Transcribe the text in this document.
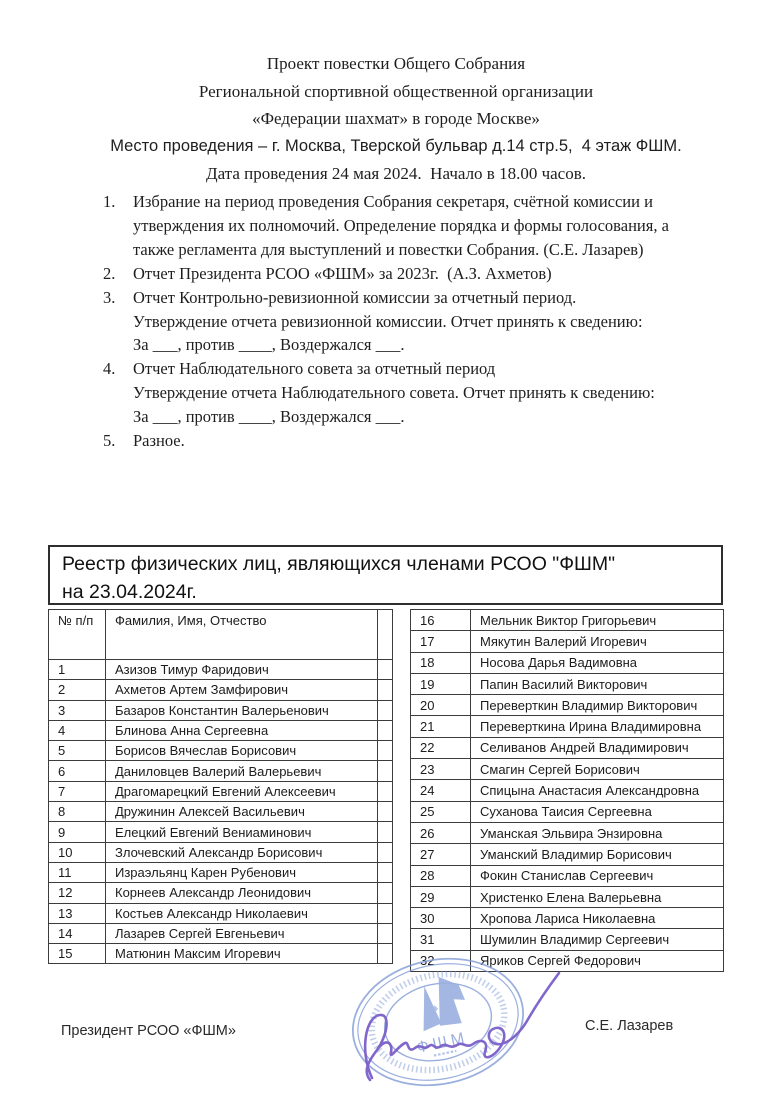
Проект повестки Общего Собрания
Региональной спортивной общественной организации
«Федерации шахмат» в городе Москве»
Место проведения – г. Москва, Тверской бульвар д.14 стр.5,  4 этаж ФШМ.
Дата проведения 24 мая 2024.  Начало в 18.00 часов.
1.	Избрание на период проведения Собрания секретаря, счётной комиссии и
утверждения их полномочий. Определение порядка и формы голосования, а
также регламента для выступлений и повестки Собрания. (С.Е. Лазарев)
2.	Отчет Президента РСОО «ФШМ» за 2023г.  (А.З. Ахметов)
3.	Отчет Контрольно-ревизионной комиссии за отчетный период.
Утверждение отчета ревизионной комиссии. Отчет принять к сведению:
За ___, против ____, Воздержался ___.
4.	Отчет Наблюдательного совета за отчетный период
Утверждение отчета Наблюдательного совета. Отчет принять к сведению:
За ___, против ____, Воздержался ___.
5.	Разное.
Реестр физических лиц, являющихся членами РСОО "ФШМ"
на 23.04.2024г.
№ п/п	Фамилия, Имя, Отчество	
1	Азизов Тимур Фаридович	
2	Ахметов Артем Замфирович	
3	Базаров Константин Валерьенович	
4	Блинова Анна Сергеевна	
5	Борисов Вячеслав Борисович	
6	Даниловцев Валерий Валерьевич	
7	Драгомарецкий Евгений Алексеевич	
8	Дружинин Алексей Васильевич	
9	Елецкий Евгений Вениаминович	
10	Злочевский Александр Борисович	
11	Израэльянц Карен Рубенович	
12	Корнеев Александр Леонидович	
13	Костьев Александр Николаевич	
14	Лазарев Сергей Евгеньевич	
15	Матюнин Максим Игоревич	
16	Мельник Виктор Григорьевич
17	Мякутин Валерий Игоревич
18	Носова Дарья Вадимовна
19	Папин Василий Викторович
20	Переверткин Владимир Викторович
21	Переверткина Ирина Владимировна
22	Селиванов Андрей Владимирович
23	Смагин Сергей Борисович
24	Спицына Анастасия Александровна
25	Суханова Таисия Сергеевна
26	Уманская Эльвира Энзировна
27	Уманский Владимир Борисович
28	Фокин Станислав Сергеевич
29	Христенко Елена Валерьевна
30	Хропова Лариса Николаевна
31	Шумилин Владимир Сергеевич
32	Яриков Сергей Федорович
Президент РСОО «ФШМ»	С.Е. Лазарев
ФШМ
